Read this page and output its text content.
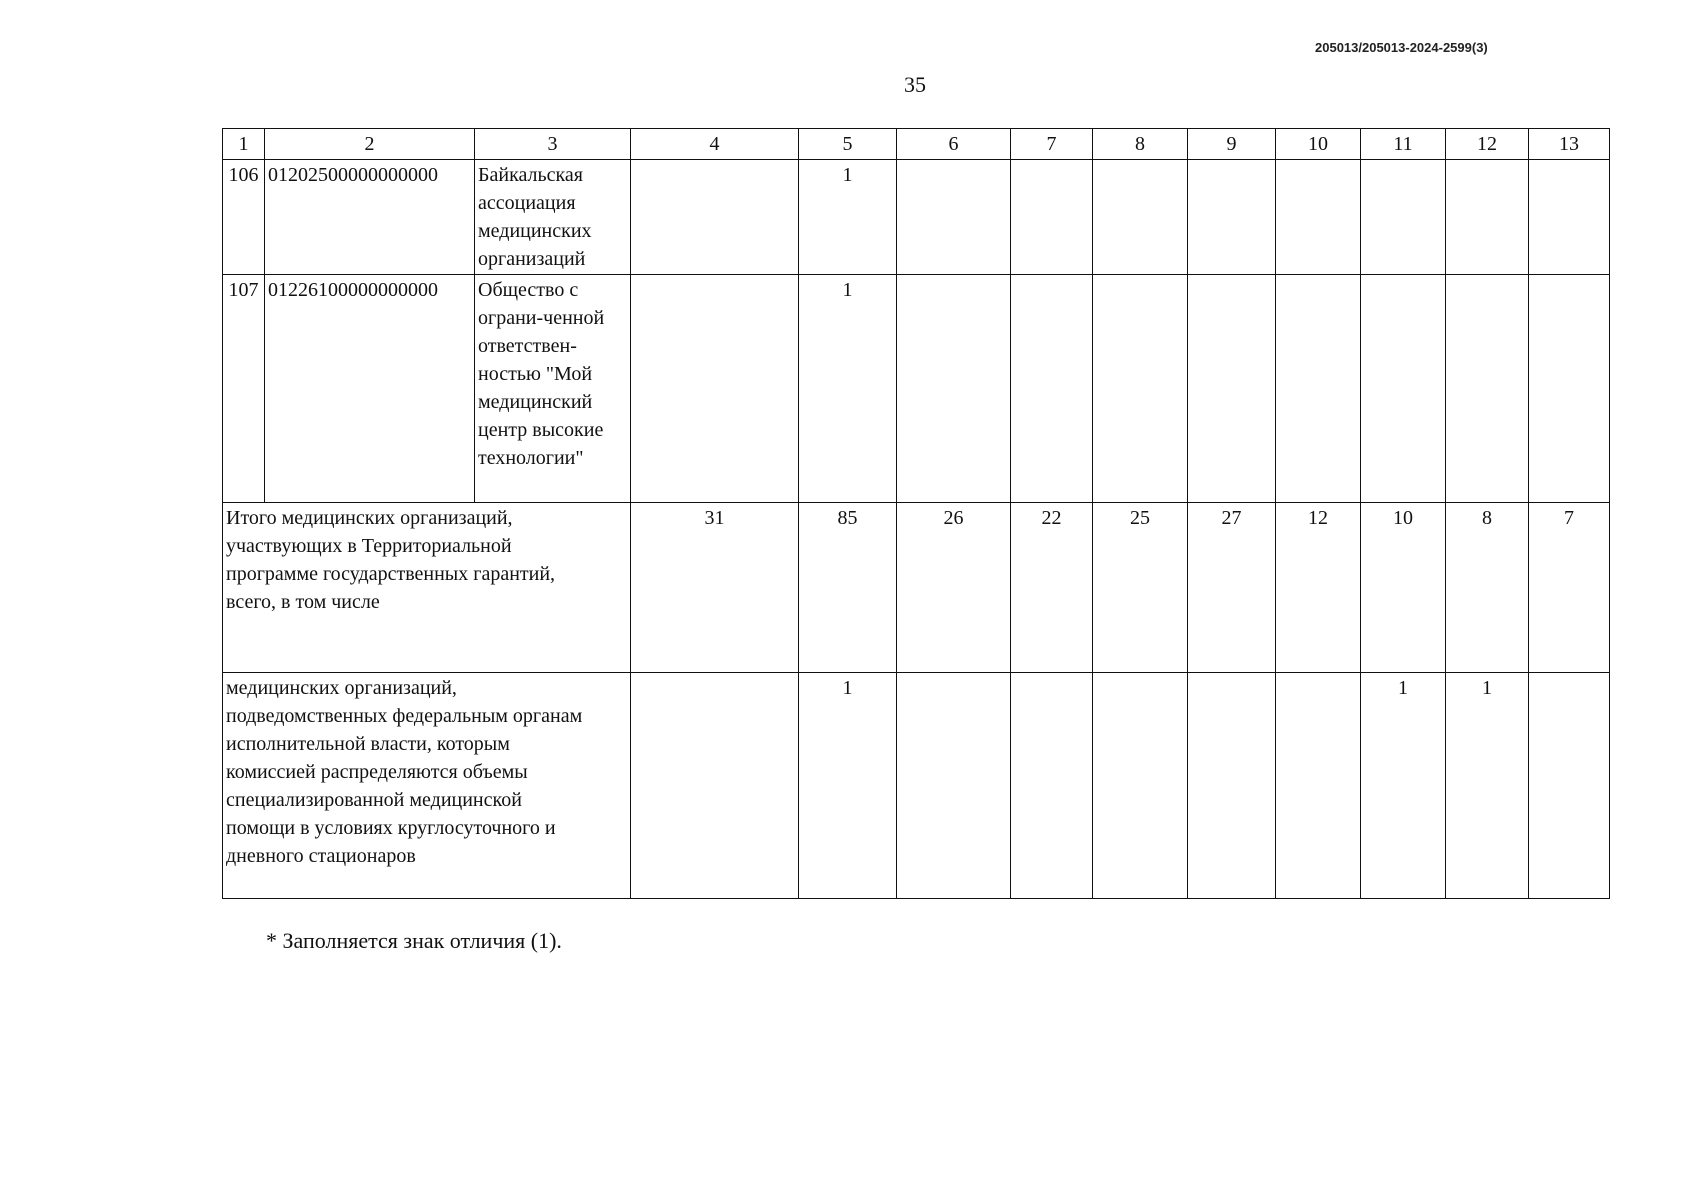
205013/205013-2024-2599(3)
35
1	2	3	4	5	6	7	8	9	10	11	12	13
106	01202500000000000	Байкальская ассоциация медицинских организаций		1								
107	01226100000000000	Общество с ограни-ченной ответствен-ностью "Мой медицинский центр высокие технологии"		1								

Итого медицинских организаций, участвующих в Территориальной программе государственных гарантий, всего, в том числе			31	85	26	22	25	27	12	10	8	7

медицинских организаций, подведомственных федеральным органам исполнительной власти, которым комиссией распределяются объемы специализированной медицинской помощи в условиях круглосуточного и дневного стационаров				1						1	1	
* Заполняется знак отличия (1).
